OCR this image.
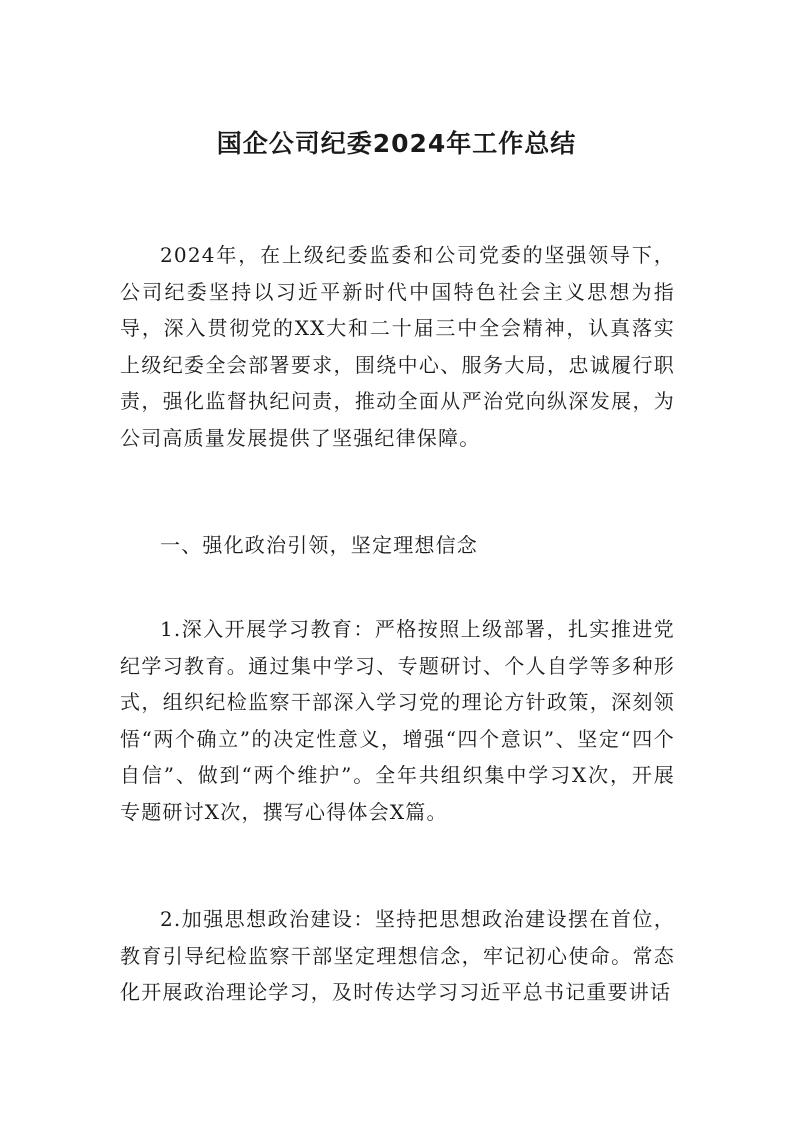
国企公司纪委2024年工作总结

2024年，在上级纪委监委和公司党委的坚强领导下，公司纪委坚持以习近平新时代中国特色社会主义思想为指导，深入贯彻党的XX大和二十届三中全会精神，认真落实上级纪委全会部署要求，围绕中心、服务大局，忠诚履行职责，强化监督执纪问责，推动全面从严治党向纵深发展，为公司高质量发展提供了坚强纪律保障。

一、强化政治引领，坚定理想信念

1.深入开展学习教育：严格按照上级部署，扎实推进党纪学习教育。通过集中学习、专题研讨、个人自学等多种形式，组织纪检监察干部深入学习党的理论方针政策，深刻领悟“两个确立”的决定性意义，增强“四个意识”、坚定“四个自信”、做到“两个维护”。全年共组织集中学习X次，开展专题研讨X次，撰写心得体会X篇。

2.加强思想政治建设：坚持把思想政治建设摆在首位，教育引导纪检监察干部坚定理想信念，牢记初心使命。常态化开展政治理论学习，及时传达学习习近平总书记重要讲话
